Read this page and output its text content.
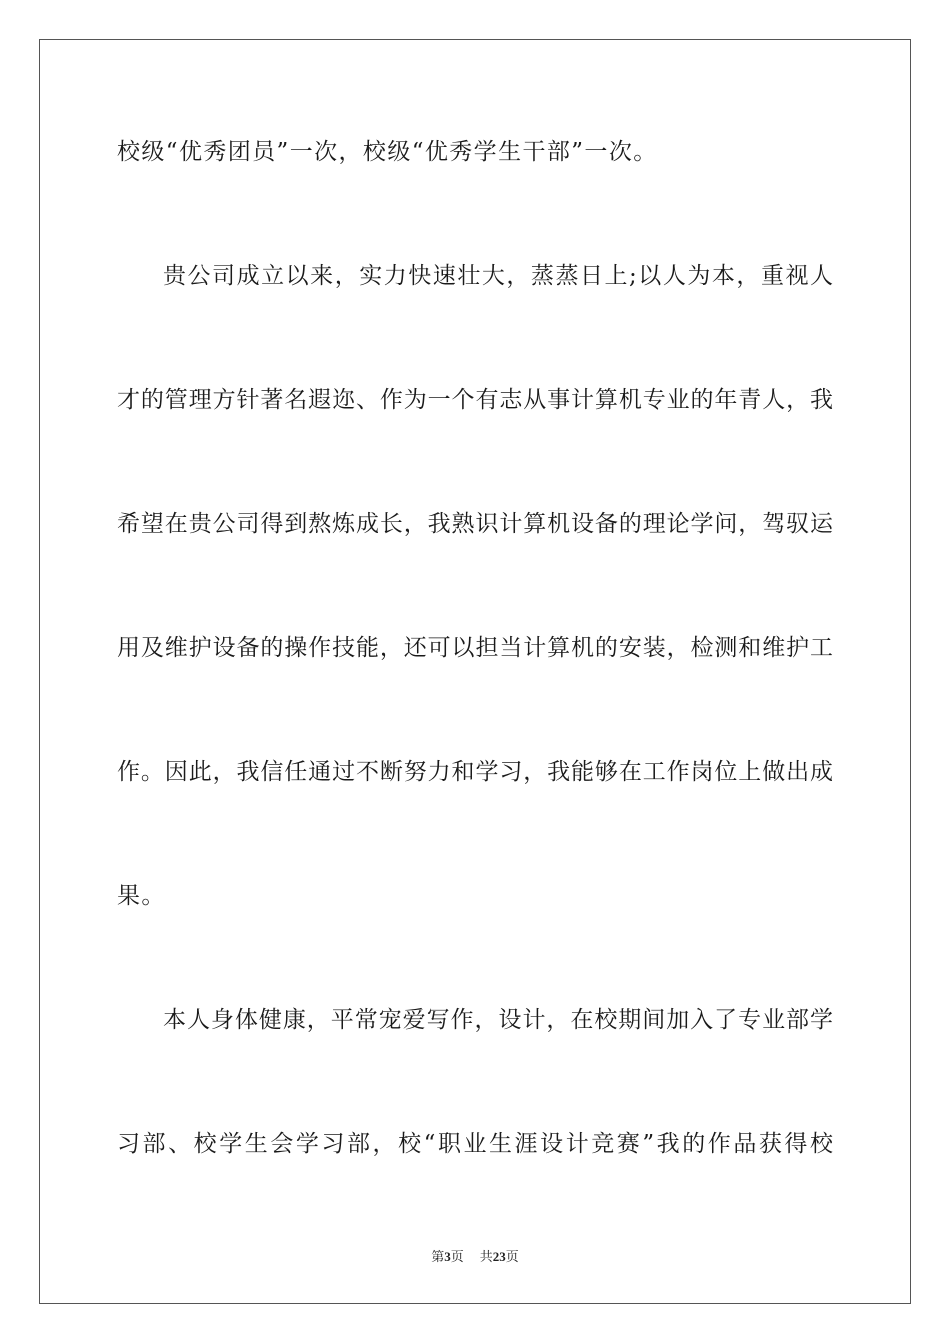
校级“优秀团员”一次，校级“优秀学生干部”一次。
贵公司成立以来，实力快速壮大，蒸蒸日上;以人为本，重视人
才的管理方针著名遐迩、作为一个有志从事计算机专业的年青人，我
希望在贵公司得到熬炼成长，我熟识计算机设备的理论学问，驾驭运
用及维护设备的操作技能，还可以担当计算机的安装，检测和维护工
作。因此，我信任通过不断努力和学习，我能够在工作岗位上做出成
果。
本人身体健康，平常宠爱写作，设计，在校期间加入了专业部学
习部、校学生会学习部，校“职业生涯设计竞赛”我的作品获得校
第3页 共23页
